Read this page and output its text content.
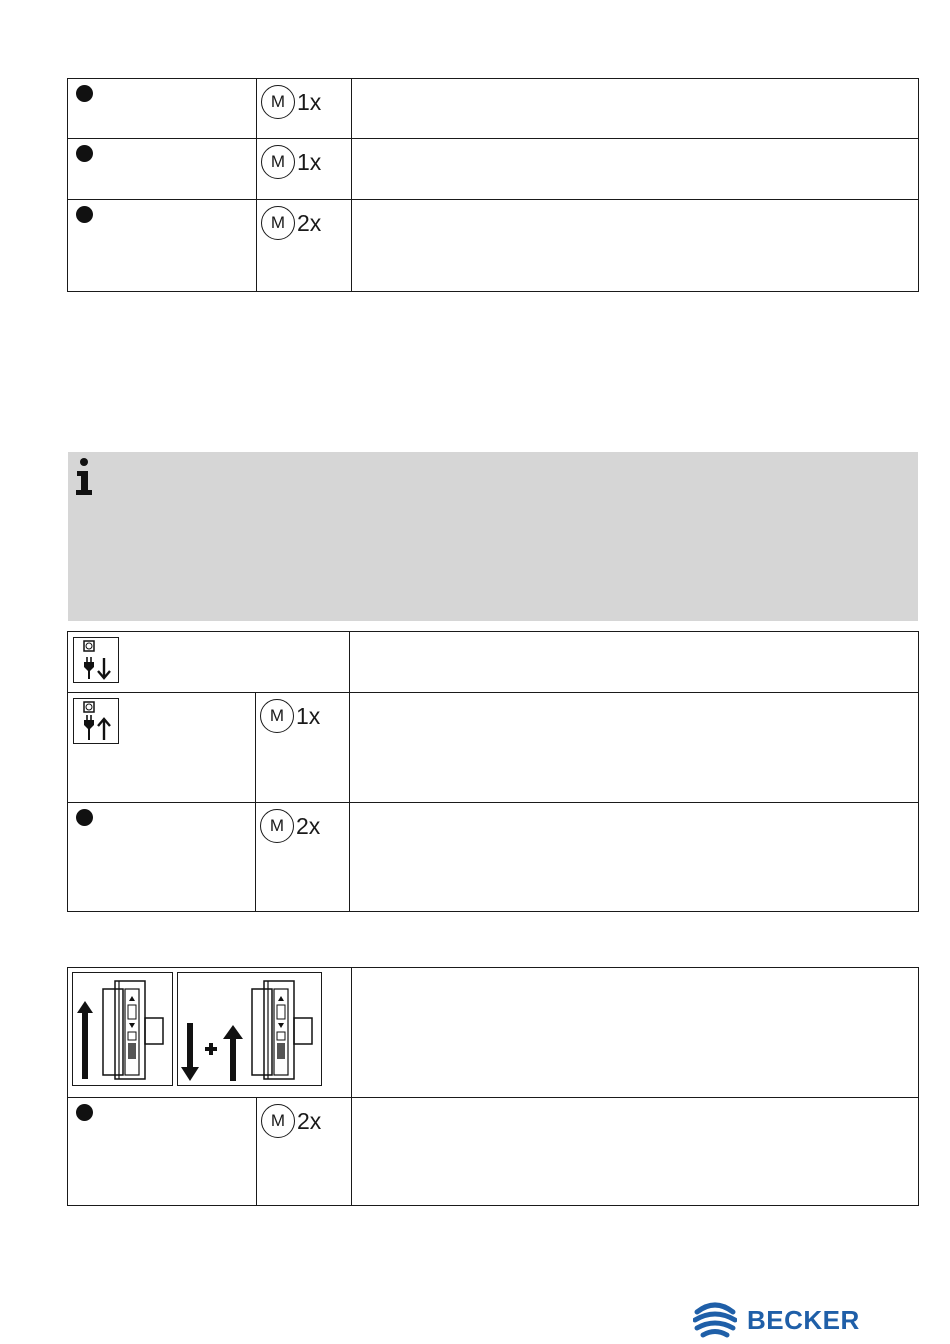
M 1x	

M 1x	

M 2x	

M 1x	

M 2x	

M 2x	

BECKER
